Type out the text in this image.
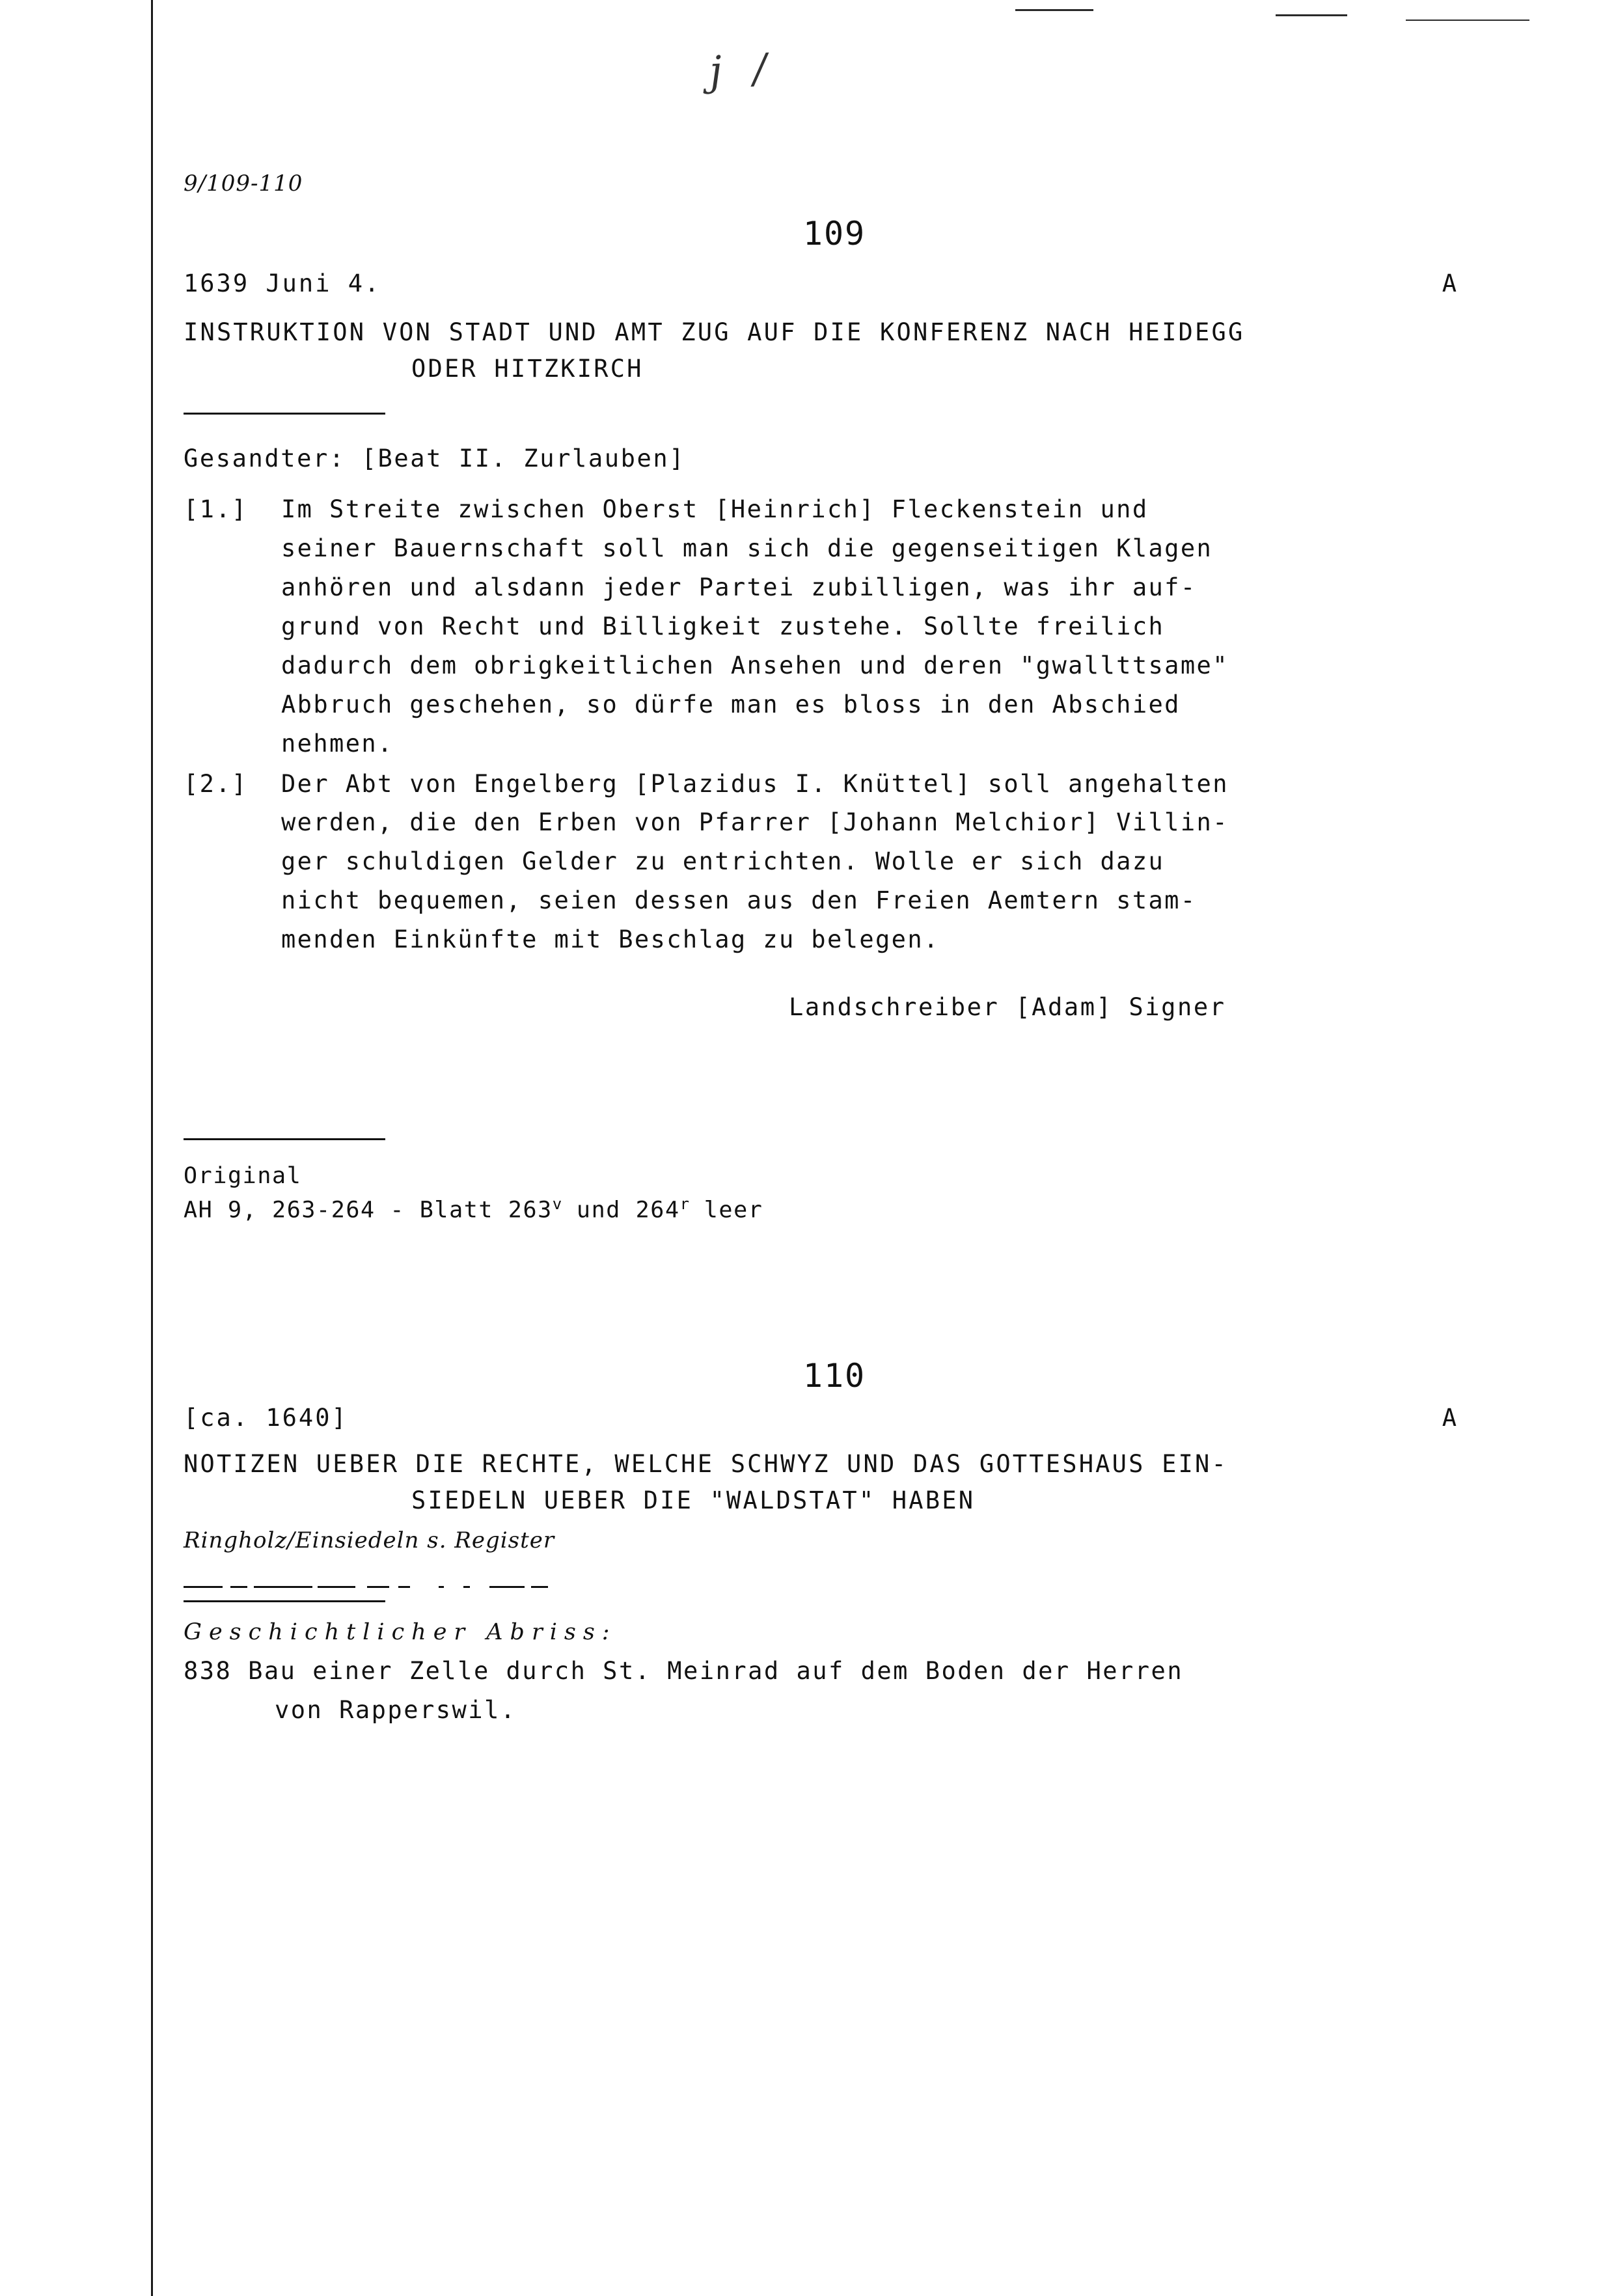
j /
9/109-110
109
1639 Juni 4.	A
INSTRUKTION VON STADT UND AMT ZUG AUF DIE KONFERENZ NACH HEIDEGG
ODER HITZKIRCH
Gesandter: [Beat II. Zurlauben]
[1.]	Im Streite zwischen Oberst [Heinrich] Fleckenstein und
seiner Bauernschaft soll man sich die gegenseitigen Klagen
anhören und alsdann jeder Partei zubilligen, was ihr auf-
grund von Recht und Billigkeit zustehe. Sollte freilich
dadurch dem obrigkeitlichen Ansehen und deren "gwallttsame"
Abbruch geschehen, so dürfe man es bloss in den Abschied
nehmen.
[2.]	Der Abt von Engelberg [Plazidus I. Knüttel] soll angehalten
werden, die den Erben von Pfarrer [Johann Melchior] Villin-
ger schuldigen Gelder zu entrichten. Wolle er sich dazu
nicht bequemen, seien dessen aus den Freien Aemtern stam-
menden Einkünfte mit Beschlag zu belegen.
Landschreiber [Adam] Signer
Original
AH 9, 263-264 - Blatt 263$^v$ und 264$^r$ leer
110
[ca. 1640]	A
NOTIZEN UEBER DIE RECHTE, WELCHE SCHWYZ UND DAS GOTTESHAUS EIN-
SIEDELN UEBER DIE "WALDSTAT" HABEN
Ringholz/Einsiedeln s. Register
Geschichtlicher Abriss:
838 Bau einer Zelle durch St. Meinrad auf dem Boden der Herren
von Rapperswil.
